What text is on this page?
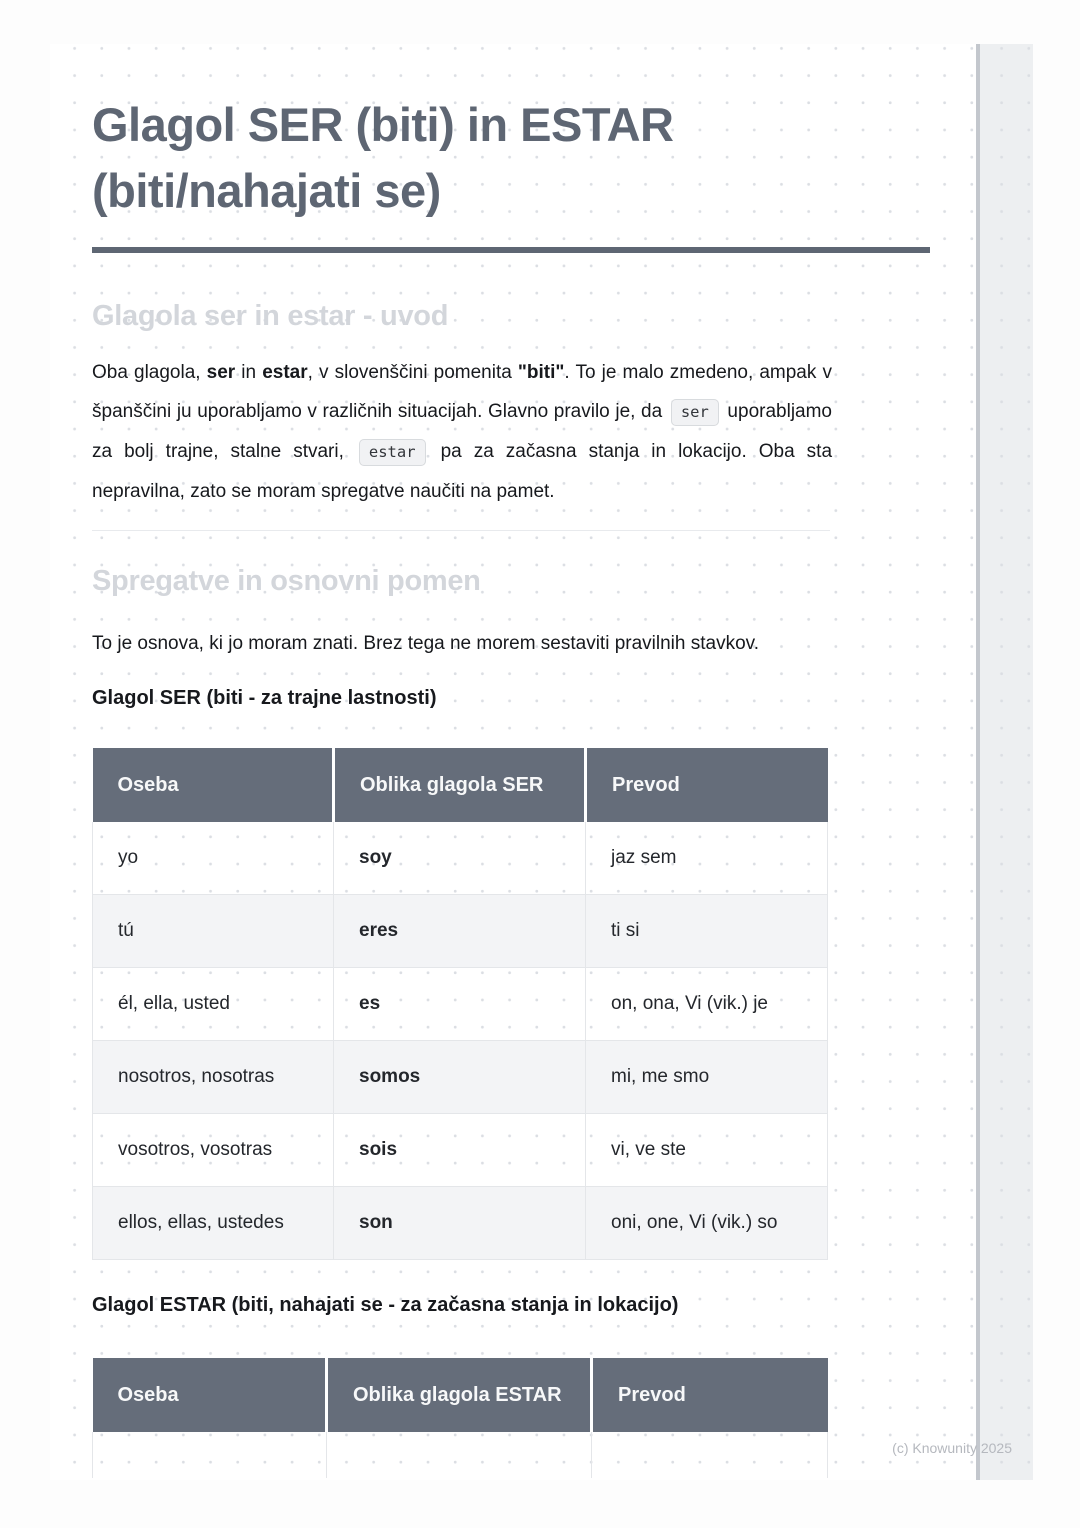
Glagol SER (biti) in ESTAR
(biti/nahajati se)
Glagola ser in estar - uvod

Oba glagola, ser in estar, v slovenščini pomenita "biti". To je malo zmedeno, ampak v španščini ju uporabljamo v različnih situacijah. Glavno pravilo je, da ser uporabljamo za bolj trajne, stalne stvari, estar pa za začasna stanja in lokacijo. Oba sta nepravilna, zato se moram spregatve naučiti na pamet.

Spregatve in osnovni pomen

To je osnova, ki jo moram znati. Brez tega ne morem sestaviti pravilnih stavkov.

Glagol SER (biti - za trajne lastnosti)
Oseba	Oblika glagola SER	Prevod
yo	soy	jaz sem
tú	eres	ti si
él, ella, usted	es	on, ona, Vi (vik.) je
nosotros, nosotras	somos	mi, me smo
vosotros, vosotras	sois	vi, ve ste
ellos, ellas, ustedes	son	oni, one, Vi (vik.) so
Glagol ESTAR (biti, nahajati se - za začasna stanja in lokacijo)
Oseba	Oblika glagola ESTAR	Prevod

(c) Knowunity 2025
